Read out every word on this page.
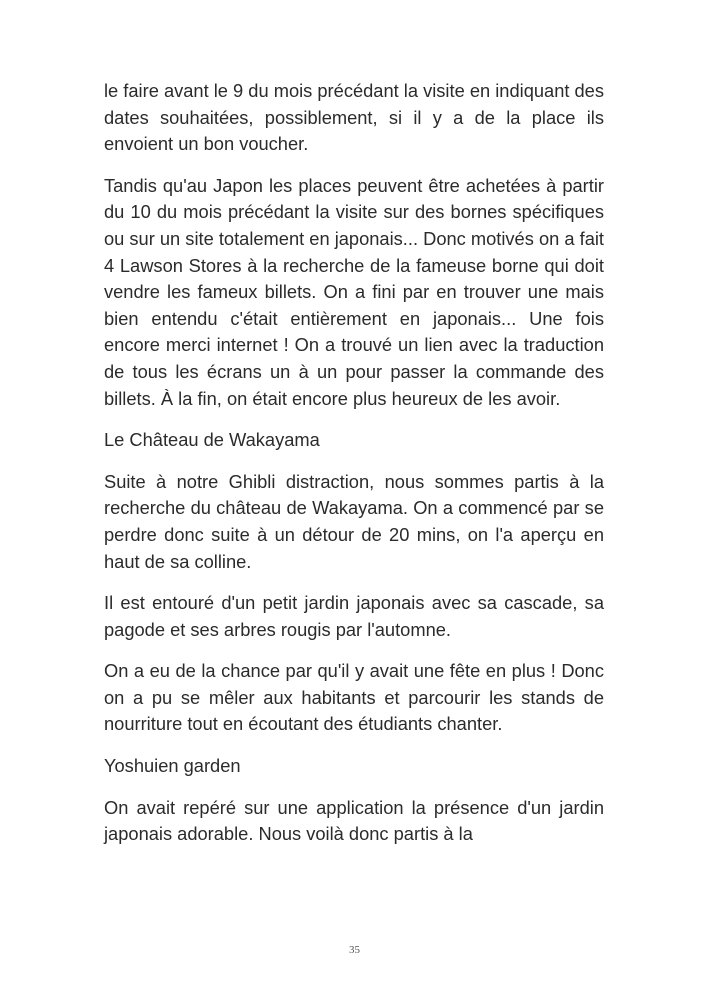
le faire avant le 9 du mois précédant la visite en indiquant des dates souhaitées, possiblement, si il y a de la place ils envoient un bon voucher.

Tandis qu'au Japon les places peuvent être achetées à partir du 10 du mois précédant la visite sur des bornes spécifiques ou sur un site totalement en japonais... Donc motivés on a fait 4 Lawson Stores à la recherche de la fameuse borne qui doit vendre les fameux billets. On a fini par en trouver une mais bien entendu c'était entièrement en japonais... Une fois encore merci internet ! On a trouvé un lien avec la traduction de tous les écrans un à un pour passer la commande des billets. À la fin, on était encore plus heureux de les avoir.

Le Château de Wakayama

Suite à notre Ghibli distraction, nous sommes partis à la recherche du château de Wakayama. On a commencé par se perdre donc suite à un détour de 20 mins, on l'a aperçu en haut de sa colline.

Il est entouré d'un petit jardin japonais avec sa cascade, sa pagode et ses arbres rougis par l'automne.

On a eu de la chance par qu'il y avait une fête en plus ! Donc on a pu se mêler aux habitants et parcourir les stands de nourriture tout en écoutant des étudiants chanter.

Yoshuien garden

On avait repéré sur une application la présence d'un jardin japonais adorable. Nous voilà donc partis à la

35
